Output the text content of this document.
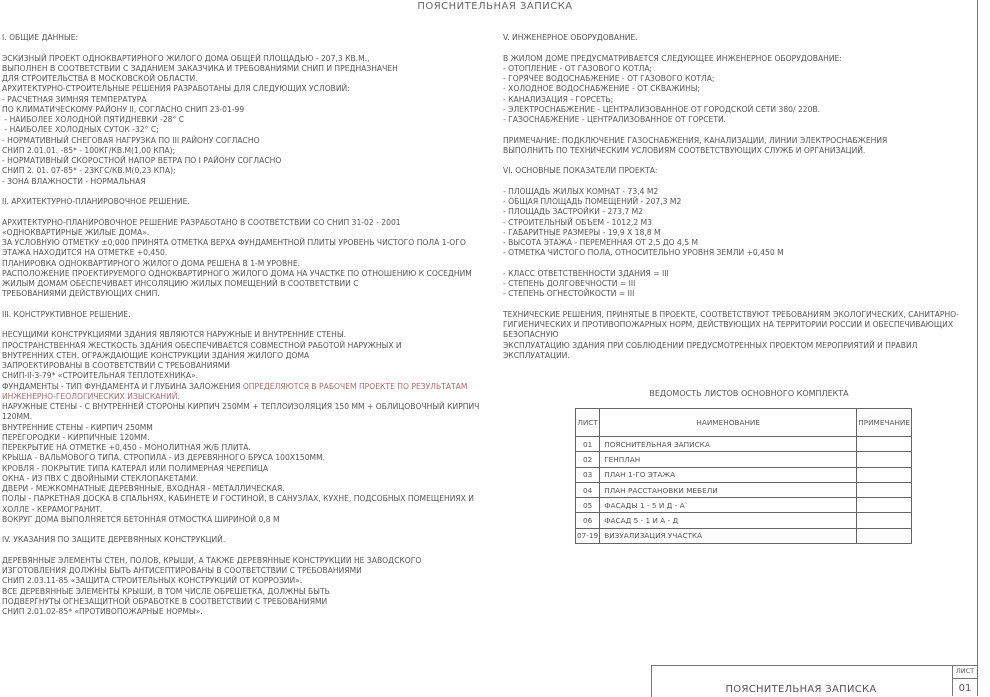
ПОЯСНИТЕЛЬНАЯ ЗАПИСКА
I. ОБЩИЕ ДАННЫЕ:
ЭСКИЗНЫЙ ПРОЕКТ ОДНОКВАРТИРНОГО ЖИЛОГО ДОМА ОБЩЕЙ ПЛОЩАДЬЮ - 207,3 КВ.М.,
ВЫПОЛНЕН В СООТВЕТСТВИИ С ЗАДАНИЕМ ЗАКАЗЧИКА И ТРЕБОВАНИЯМИ СНИП И ПРЕДНАЗНАЧЕН
ДЛЯ СТРОИТЕЛЬСТВА В МОСКОВСКОЙ ОБЛАСТИ.
АРХИТЕКТУРНО-СТРОИТЕЛЬНЫЕ РЕШЕНИЯ РАЗРАБОТАНЫ ДЛЯ СЛЕДУЮЩИХ УСЛОВИЙ:
- РАСЧЕТНАЯ ЗИМНЯЯ ТЕМПЕРАТУРА
ПО КЛИМАТИЧЕСКОМУ РАЙОНУ II, СОГЛАСНО СНИП 23-01-99
- НАИБОЛЕЕ ХОЛОДНОЙ ПЯТИДНЕВКИ -28° С
- НАИБОЛЕЕ ХОЛОДНЫХ СУТОК -32° С;
- НОРМАТИВНЫЙ СНЕГОВАЯ НАГРУЗКА ПО III РАЙОНУ СОГЛАСНО
СНИП 2.01.01. -85* - 100КГ/КВ.М(1,00 КПА);
- НОРМАТИВНЫЙ СКОРОСТНОЙ НАПОР ВЕТРА ПО I РАЙОНУ СОГЛАСНО
СНИП 2. 01. 07-85* - 23КГС/КВ.М(0,23 КПА);
- ЗОНА ВЛАЖНОСТИ - НОРМАЛЬНАЯ
II. АРХИТЕКТУРНО-ПЛАНИРОВОЧНОЕ РЕШЕНИЕ.
АРХИТЕКТУРНО-ПЛАНИРОВОЧНОЕ РЕШЕНИЕ РАЗРАБОТАНО В СООТВЕТСТВИИ СО СНИП 31-02 - 2001
«ОДНОКВАРТИРНЫЕ ЖИЛЫЕ ДОМА».
ЗА УСЛОВНУЮ ОТМЕТКУ ±0,000 ПРИНЯТА ОТМЕТКА ВЕРХА ФУНДАМЕНТНОЙ ПЛИТЫ УРОВЕНЬ ЧИСТОГО ПОЛА 1-ОГО
ЭТАЖА НАХОДИТСЯ НА ОТМЕТКЕ +0,450.
ПЛАНИРОВКА ОДНОКВАРТИРНОГО ЖИЛОГО ДОМА РЕШЕНА В 1-М УРОВНЕ.
РАСПОЛОЖЕНИЕ ПРОЕКТИРУЕМОГО ОДНОКВАРТИРНОГО ЖИЛОГО ДОМА НА УЧАСТКЕ ПО ОТНОШЕНИЮ К СОСЕДНИМ
ЖИЛЫМ ДОМАМ ОБЕСПЕЧИВАЕТ ИНСОЛЯЦИЮ ЖИЛЫХ ПОМЕЩЕНИЙ В СООТВЕТСТВИИ С
ТРЕБОВАНИЯМИ ДЕЙСТВУЮЩИХ СНИП.
III. КОНСТРУКТИВНОЕ РЕШЕНИЕ.
НЕСУЩИМИ КОНСТРУКЦИЯМИ ЗДАНИЯ ЯВЛЯЮТСЯ НАРУЖНЫЕ И ВНУТРЕННИЕ СТЕНЫ.
ПРОСТРАНСТВЕННАЯ ЖЕСТКОСТЬ ЗДАНИЯ ОБЕСПЕЧИВАЕТСЯ СОВМЕСТНОЙ РАБОТОЙ НАРУЖНЫХ И
ВНУТРЕННИХ СТЕН. ОГРАЖДАЮЩИЕ КОНСТРУКЦИИ ЗДАНИЯ ЖИЛОГО ДОМА
ЗАПРОЕКТИРОВАНЫ В СООТВЕТСТВИИ С ТРЕБОВАНИЯМИ
СНИП-II-3-79* «СТРОИТЕЛЬНАЯ ТЕПЛОТЕХНИКА».
ФУНДАМЕНТЫ - ТИП ФУНДАМЕНТА И ГЛУБИНА ЗАЛОЖЕНИЯ ОПРЕДЕЛЯЮТСЯ В РАБОЧЕМ ПРОЕКТЕ ПО РЕЗУЛЬТАТАМ
ИНЖЕНЕРНО-ГЕОЛОГИЧЕСКИХ ИЗЫСКАНИЙ.
НАРУЖНЫЕ СТЕНЫ - С ВНУТРЕННЕЙ СТОРОНЫ КИРПИЧ 250ММ + ТЕПЛОИЗОЛЯЦИЯ 150 ММ + ОБЛИЦОВОЧНЫЙ КИРПИЧ
120ММ.
ВНУТРЕННИЕ СТЕНЫ - КИРПИЧ 250ММ
ПЕРЕГОРОДКИ - КИРПИЧНЫЕ 120ММ.
ПЕРЕКРЫТИЕ НА ОТМЕТКЕ +0,450 - МОНОЛИТНАЯ Ж/Б ПЛИТА.
КРЫША - ВАЛЬМОВОГО ТИПА. СТРОПИЛА - ИЗ ДЕРЕВЯННОГО БРУСА 100Х150ММ.
КРОВЛЯ - ПОКРЫТИЕ ТИПА КАТЕРАЛ ИЛИ ПОЛИМЕРНАЯ ЧЕРЕПИЦА
ОКНА - ИЗ ПВХ С ДВОЙНЫМИ СТЕКЛОПАКЕТАМИ.
ДВЕРИ - МЕЖКОМНАТНЫЕ ДЕРЕВЯННЫЕ, ВХОДНАЯ - МЕТАЛЛИЧЕСКАЯ.
ПОЛЫ - ПАРКЕТНАЯ ДОСКА В СПАЛЬНЯХ, КАБИНЕТЕ И ГОСТИНОЙ, В САНУЗЛАХ, КУХНЕ, ПОДСОБНЫХ ПОМЕЩЕНИЯХ И
ХОЛЛЕ - КЕРАМОГРАНИТ.
ВОКРУГ ДОМА ВЫПОЛНЯЕТСЯ БЕТОННАЯ ОТМОСТКА ШИРИНОЙ 0,8 М
IV. УКАЗАНИЯ ПО ЗАЩИТЕ ДЕРЕВЯННЫХ КОНСТРУКЦИЙ.
ДЕРЕВЯННЫЕ ЭЛЕМЕНТЫ СТЕН, ПОЛОВ, КРЫШИ, А ТАКЖЕ ДЕРЕВЯННЫЕ КОНСТРУКЦИИ НЕ ЗАВОДСКОГО
ИЗГОТОВЛЕНИЯ ДОЛЖНЫ БЫТЬ АНТИСЕПТИРОВАНЫ В СООТВЕТСТВИИ С ТРЕБОВАНИЯМИ
СНИП 2.03.11-85 «ЗАЩИТА СТРОИТЕЛЬНЫХ КОНСТРУКЦИЙ ОТ КОРРОЗИИ».
ВСЕ ДЕРЕВЯННЫЕ ЭЛЕМЕНТЫ КРЫШИ, В ТОМ ЧИСЛЕ ОБРЕШЕТКА, ДОЛЖНЫ БЫТЬ
ПОДВЕРГНУТЫ ОГНЕЗАЩИТНОЙ ОБРАБОТКЕ В СООТВЕТСТВИИ С ТРЕБОВАНИЯМИ
СНИП 2.01.02-85* «ПРОТИВОПОЖАРНЫЕ НОРМЫ».
V. ИНЖЕНЕРНОЕ ОБОРУДОВАНИЕ.
В ЖИЛОМ ДОМЕ ПРЕДУСМАТРИВАЕТСЯ СЛЕДУЮЩЕЕ ИНЖЕНЕРНОЕ ОБОРУДОВАНИЕ:
- ОТОПЛЕНИЕ - ОТ ГАЗОВОГО КОТЛА;
- ГОРЯЧЕЕ ВОДОСНАБЖЕНИЕ - ОТ ГАЗОВОГО КОТЛА;
- ХОЛОДНОЕ ВОДОСНАБЖЕНИЕ - ОТ СКВАЖИНЫ;
- КАНАЛИЗАЦИЯ - ГОРСЕТЬ;
- ЭЛЕКТРОСНАБЖЕНИЕ - ЦЕНТРАЛИЗОВАННОЕ ОТ ГОРОДСКОЙ СЕТИ 380/ 220В.
- ГАЗОСНАБЖЕНИЕ - ЦЕНТРАЛИЗОВАННОЕ ОТ ГОРСЕТИ.
ПРИМЕЧАНИЕ: ПОДКЛЮЧЕНИЕ ГАЗОСНАБЖЕНИЯ, КАНАЛИЗАЦИИ, ЛИНИИ ЭЛЕКТРОСНАБЖЕНИЯ
ВЫПОЛНИТЬ ПО ТЕХНИЧЕСКИМ УСЛОВИЯМ СООТВЕТСТВУЮЩИХ СЛУЖБ И ОРГАНИЗАЦИЙ.
VI. ОСНОВНЫЕ ПОКАЗАТЕЛИ ПРОЕКТА:
- ПЛОЩАДЬ ЖИЛЫХ КОМНАТ - 73,4 М2
- ОБЩАЯ ПЛОЩАДЬ ПОМЕЩЕНИЙ - 207,3 М2
- ПЛОЩАДЬ ЗАСТРОЙКИ - 273,7 М2
- СТРОИТЕЛЬНЫЙ ОБЪЕМ - 1012,2 М3
- ГАБАРИТНЫЕ РАЗМЕРЫ - 19,9 Х 18,8 М
- ВЫСОТА ЭТАЖА - ПЕРЕМЕННАЯ ОТ 2,5 ДО 4,5 М
- ОТМЕТКА ЧИСТОГО ПОЛА, ОТНОСИТЕЛЬНО УРОВНЯ ЗЕМЛИ +0,450 М
- КЛАСС ОТВЕТСТВЕННОСТИ ЗДАНИЯ = III
- СТЕПЕНЬ ДОЛГОВЕЧНОСТИ = III
- СТЕПЕНЬ ОГНЕСТОЙКОСТИ = III
ТЕХНИЧЕСКИЕ РЕШЕНИЯ, ПРИНЯТЫЕ В ПРОЕКТЕ, СООТВЕТСТВУЮТ ТРЕБОВАНИЯМ ЭКОЛОГИЧЕСКИХ, САНИТАРНО-
ГИГИЕНИЧЕСКИХ И ПРОТИВОПОЖАРНЫХ НОРМ, ДЕЙСТВУЮЩИХ НА ТЕРРИТОРИИ РОССИИ И ОБЕСПЕЧИВАЮЩИХ
БЕЗОПАСНУЮ
ЭКСПЛУАТАЦИЮ ЗДАНИЯ ПРИ СОБЛЮДЕНИИ ПРЕДУСМОТРЕННЫХ ПРОЕКТОМ МЕРОПРИЯТИЙ И ПРАВИЛ
ЭКСПЛУАТАЦИИ.
ВЕДОМОСТЬ ЛИСТОВ ОСНОВНОГО КОМПЛЕКТА
ЛИСТ	НАИМЕНОВАНИЕ	ПРИМЕЧАНИЕ
01	ПОЯСНИТЕЛЬНАЯ ЗАПИСКА	
02	ГЕНПЛАН	
03	ПЛАН 1-ГО ЭТАЖА	
04	ПЛАН РАССТАНОВКИ МЕБЕЛИ	
05	ФАСАДЫ 1 - 5 И Д - А`	
06	ФАСАД 5 - 1 И А - Д	
07-19	ВИЗУАЛИЗАЦИЯ УЧАСТКА	
ПОЯСНИТЕЛЬНАЯ ЗАПИСКА
ЛИСТ
01
